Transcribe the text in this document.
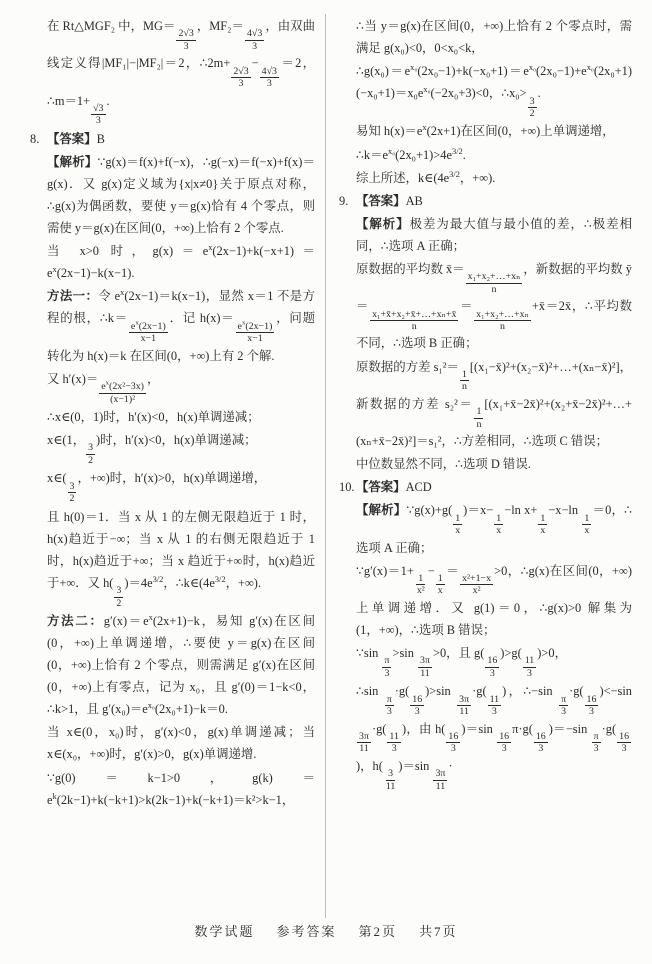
在 Rt△MGF₂ 中，MG＝
$\frac{2√3}{3}$
，MF₂＝
$\frac{4√3}{3}$
，由双曲线定义得|MF₁|−|MF₂|＝2，∴2m+
$\frac{2√3}{3}$
−
$\frac{4√3}{3}$
＝2，∴m＝1+
$\frac{√3}{3}$
.

8. 【答案】B

【解析】∵g(x)＝f(x)+f(−x)，∴g(−x)＝f(−x)+f(x)＝g(x)．又 g(x)定义域为{x|x≠0}关于原点对称，∴g(x)为偶函数，要使 y＝g(x)恰有 4 个零点，则需使 y＝g(x)在区间(0，+∞)上恰有 2 个零点.

当 x>0 时，$g(x)=e^x(2x-1)+k(-x+1)=e^x(2x-1)-k(x-1)$.

方法一：令 $e^x(2x-1)=k(x-1)$，显然 x＝1 不是方程的根，∴k＝
$\frac{e^x(2x-1)}{x-1}$
．记 h(x)＝
$\frac{e^x(2x-1)}{x-1}$
，问题转化为 h(x)＝k 在区间(0，+∞)上有 2 个解.

又 h′(x)＝
$\frac{e^x(2x^2-3x)}{\text{(x−1)²}}$
，

∴x∈(0，1)时，h′(x)<0，h(x)单调递减；

x∈(1，
$\frac{3}{2}$
)时，h′(x)<0，h(x)单调递减；

x∈(
$\frac{3}{2}$
，+∞)时，h′(x)>0，h(x)单调递增，

且 h(0)＝1．当 x 从 1 的左侧无限趋近于 1 时，h(x)趋近于−∞；当 x 从 1 的右侧无限趋近于 1 时，h(x)趋近于+∞；当 x 趋近于+∞时，h(x)趋近于+∞．又 h(
$\frac{3}{2}$
)$=4e^{3/2}$，$\therefore k\in(4e^{3/2}$，+∞).

方法二：$g'(x)=e^x(2x+1)-k$，易知 g′(x)在区间(0，+∞)上单调递增，∴要使 y＝g(x)在区间(0，+∞)上恰有 2 个零点，则需满足 g′(x)在区间(0，+∞)上有零点，记为 x₀，且 g′(0)＝1−k<0，∴k>1，且 $g'(x_0)=e^{x_0}(2x_0+1)-k=0$.

当 x∈(0，x₀)时，g′(x)<0，g(x)单调递减；当 x∈(x₀，+∞)时，g′(x)>0，g(x)单调递增.

∵g(0)＝k−1>0，$g(k)=e^k(2k-1)+k(-k+1)>k(2k-1)+k(-k+1)=k^2>k-1$，

∴当 y＝g(x)在区间(0，+∞)上恰有 2 个零点时，需满足 g(x₀)<0，0<x₀<k，

$\therefore g(x_0)=e^{x_0}(2x_0-1)+k(-x_0+1)=e^{x_0}(2x_0-1)+e^{x_0}(2x_0+1)(-x_0+1)=x_0e^{x_0}(-2x_0+3)<0$，∴x₀>
$\frac{3}{2}$
.

易知 $h(x)=e^x(2x+1)$在区间(0，+∞)上单调递增，

$\therefore k=e^{x_0}(2x_0+1)>4e^{3/2}$.

综上所述，$k\in(4e^{3/2}$，+∞).

9. 【答案】AB

【解析】极差为最大值与最小值的差，∴极差相同，∴选项 A 正确；

原数据的平均数 x̄＝
$\frac{\text{x₁+x₂+…+xₙ}}{n}$
，新数据的平均数 ȳ＝
$\frac{\text{x₁+x̄+x₂+x̄+…+xₙ+x̄}}{n}$
＝
$\frac{\text{x₁+x₂+…+xₙ}}{n}$
+x̄＝2x̄，∴平均数不同，∴选项 B 正确；

原数据的方差 s₁²＝
$\frac{1}{n}$
[(x₁−x̄)²+(x₂−x̄)²+…+(xₙ−x̄)²]，新数据的方差 s₂²＝
$\frac{1}{n}$
[(x₁+x̄−2x̄)²+(x₂+x̄−2x̄)²+…+(xₙ+x̄−2x̄)²]＝s₁²，∴方差相同，∴选项 C 错误；

中位数显然不同，∴选项 D 错误.

10. 【答案】ACD

【解析】∵g(x)+g(
$\frac{1}{x}$
)＝x−
$\frac{1}{x}$
−ln x+
$\frac{1}{x}$
−x−ln
$\frac{1}{x}$
＝0，∴选项 A 正确；

∵g′(x)＝1+
$\frac{1}{\text{x²}}$
−
$\frac{1}{x}$
＝
$\frac{\text{x²+1−x}}{\text{x²}}$
>0，∴g(x)在区间(0，+∞)上单调递增．又 g(1)＝0，∴g(x)>0 解集为(1，+∞)，∴选项 B 错误；

∵sin
$\frac{\pi}{3}$
>sin
$\frac{3\pi}{11}$
>0，且 g(
$\frac{16}{3}$
)>g(
$\frac{11}{3}$
)>0，

∴sin
$\frac{\pi}{3}$
·g(
$\frac{16}{3}$
)>sin
$\frac{3\pi}{11}$
·g(
$\frac{11}{3}$
)，∴−sin
$\frac{\pi}{3}$
·g(
$\frac{16}{3}$
)<−sin
$\frac{3\pi}{11}$
·g(
$\frac{11}{3}$
)，由 h(
$\frac{16}{3}$
)＝sin
$\frac{16}{3}$
π·g(
$\frac{16}{3}$
)＝−sin
$\frac{\pi}{3}$
·g(
$\frac{16}{3}$
)，h(
$\frac{3}{11}$
)＝sin
$\frac{3\pi}{11}$
·

数学试题 参考答案 第2页 共7页
